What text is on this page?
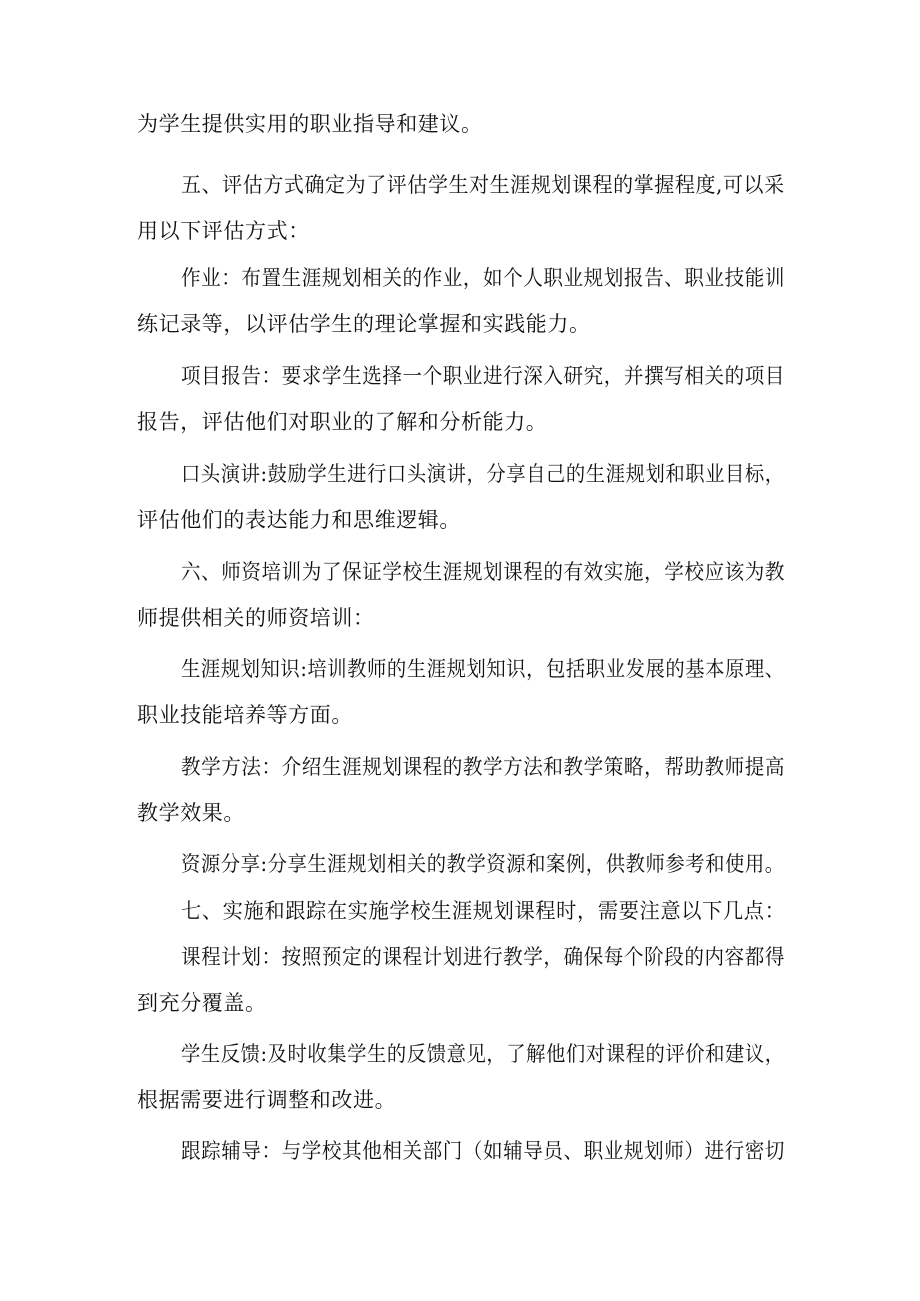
为学生提供实用的职业指导和建议。
五、评估方式确定为了评估学生对生涯规划课程的掌握程度,可以采
用以下评估方式：
作业：布置生涯规划相关的作业，如个人职业规划报告、职业技能训
练记录等，以评估学生的理论掌握和实践能力。
项目报告：要求学生选择一个职业进行深入研究，并撰写相关的项目
报告，评估他们对职业的了解和分析能力。
口头演讲:鼓励学生进行口头演讲，分享自己的生涯规划和职业目标，
评估他们的表达能力和思维逻辑。
六、师资培训为了保证学校生涯规划课程的有效实施，学校应该为教
师提供相关的师资培训：
生涯规划知识:培训教师的生涯规划知识，包括职业发展的基本原理、
职业技能培养等方面。
教学方法：介绍生涯规划课程的教学方法和教学策略，帮助教师提高
教学效果。
资源分享:分享生涯规划相关的教学资源和案例，供教师参考和使用。
七、实施和跟踪在实施学校生涯规划课程时，需要注意以下几点：
课程计划：按照预定的课程计划进行教学，确保每个阶段的内容都得
到充分覆盖。
学生反馈:及时收集学生的反馈意见，了解他们对课程的评价和建议，
根据需要进行调整和改进。
跟踪辅导：与学校其他相关部门（如辅导员、职业规划师）进行密切
